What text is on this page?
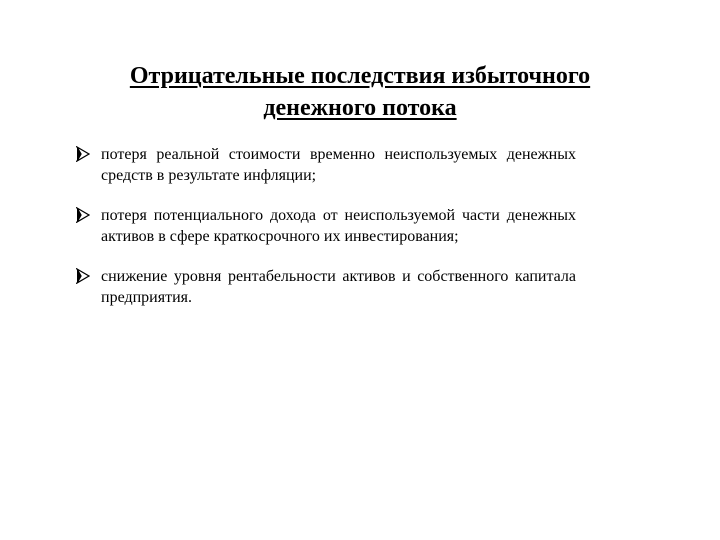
Отрицательные последствия избыточного
денежного потока
потеря реальной стоимости временно неиспользуемых денежных средств в результате инфляции;
потеря потенциального дохода от неиспользуемой части денежных активов в сфере краткосрочного их инвестирования;
снижение уровня рентабельности активов и собственного капитала предприятия.
